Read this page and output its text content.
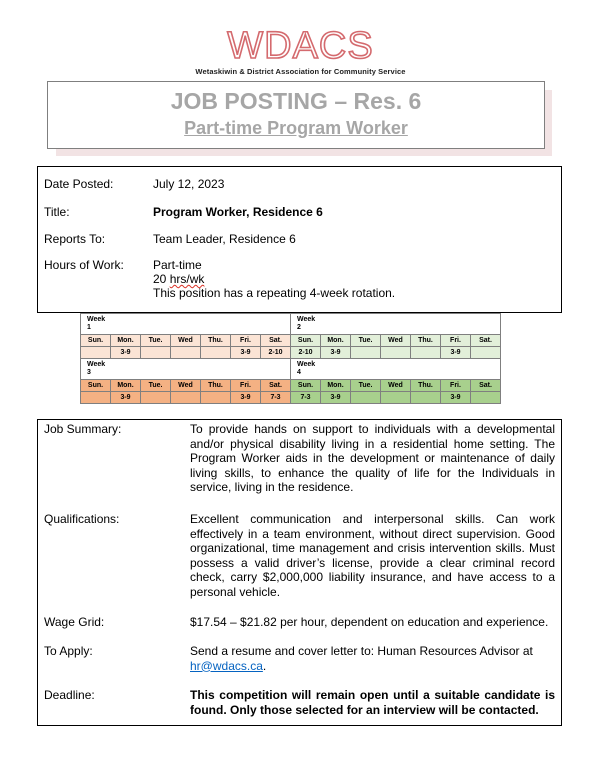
WDACS
Wetaskiwin & District Association for Community Service
JOB POSTING – Res. 6
Part-time Program Worker
Date Posted:	July 12, 2023
Title:	Program Worker, Residence 6
Reports To:	Team Leader, Residence 6
Hours of Work:	Part-time
20 hrs/wk
This position has a repeating 4-week rotation.
Week
1							Week
2						
Sun.	Mon.	Tue.	Wed	Thu.	Fri.	Sat.	Sun.	Mon.	Tue.	Wed	Thu.	Fri.	Sat.
	3-9				3-9	2-10	2-10	3-9				3-9	
Week
3							Week
4						
Sun.	Mon.	Tue.	Wed	Thu.	Fri.	Sat.	Sun.	Mon.	Tue.	Wed	Thu.	Fri.	Sat.
	3-9				3-9	7-3	7-3	3-9				3-9	
Job Summary:	To provide hands on support to individuals with a developmental and/or physical disability living in a residential home setting. The Program Worker aids in the development or maintenance of daily living skills, to enhance the quality of life for the Individuals in service, living in the residence.
Qualifications:	Excellent communication and interpersonal skills. Can work effectively in a team environment, without direct supervision. Good organizational, time management and crisis intervention skills. Must possess a valid driver’s license, provide a clear criminal record check, carry $2,000,000 liability insurance, and have access to a personal vehicle.
Wage Grid:	$17.54 – $21.82 per hour, dependent on education and experience.
To Apply:	Send a resume and cover letter to: Human Resources Advisor at
hr@wdacs.ca.
Deadline:	This competition will remain open until a suitable candidate is found. Only those selected for an interview will be contacted.
